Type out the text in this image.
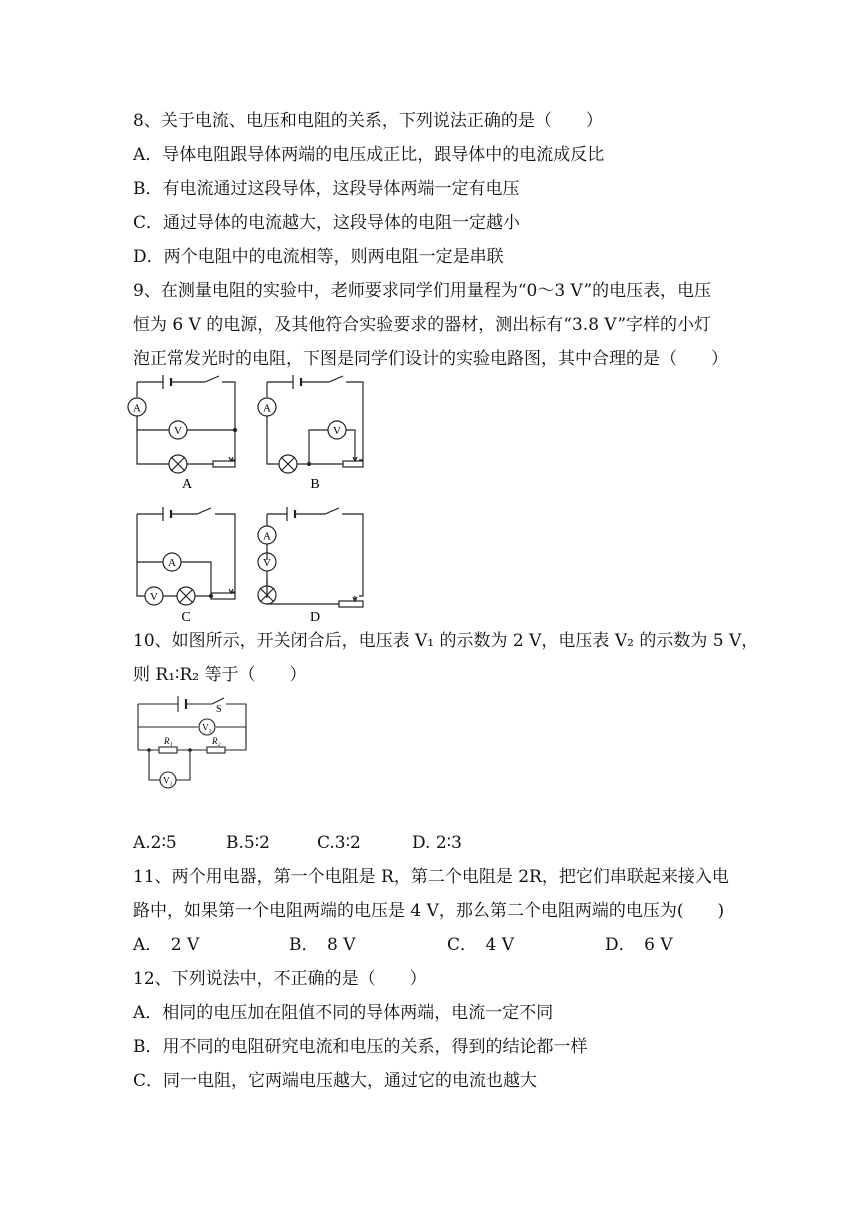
8、关于电流、电压和电阻的关系，下列说法正确的是（　　）
A．导体电阻跟导体两端的电压成正比，跟导体中的电流成反比
B．有电流通过这段导体，这段导体两端一定有电压
C．通过导体的电流越大，这段导体的电阻一定越小
D．两个电阻中的电流相等，则两电阻一定是串联
9、在测量电阻的实验中，老师要求同学们用量程为“0～3 V”的电压表，电压
恒为 6 V 的电源，及其他符合实验要求的器材，测出标有“3.8 V”字样的小灯
泡正常发光时的电阻，下图是同学们设计的实验电路图，其中合理的是（　　）
A
V
A
A
V
B
V
A
C
A
V
D
10、如图所示，开关闭合后，电压表 V₁ 的示数为 2 V，电压表 V₂ 的示数为 5 V，
则 R₁∶R₂ 等于（　　）
S
R₁	R₂
V₂
V₁
A.2∶5	B.5∶2	C.3∶2	D. 2∶3
11、两个用电器，第一个电阻是 R，第二个电阻是 2R，把它们串联起来接入电
路中，如果第一个电阻两端的电压是 4 V，那么第二个电阻两端的电压为(　　)
A．　2 V	B．　8 V	C．　4 V	D．　6 V
12、下列说法中，不正确的是（　　）
A．相同的电压加在阻值不同的导体两端，电流一定不同
B．用不同的电阻研究电流和电压的关系，得到的结论都一样
C．同一电阻，它两端电压越大，通过它的电流也越大
